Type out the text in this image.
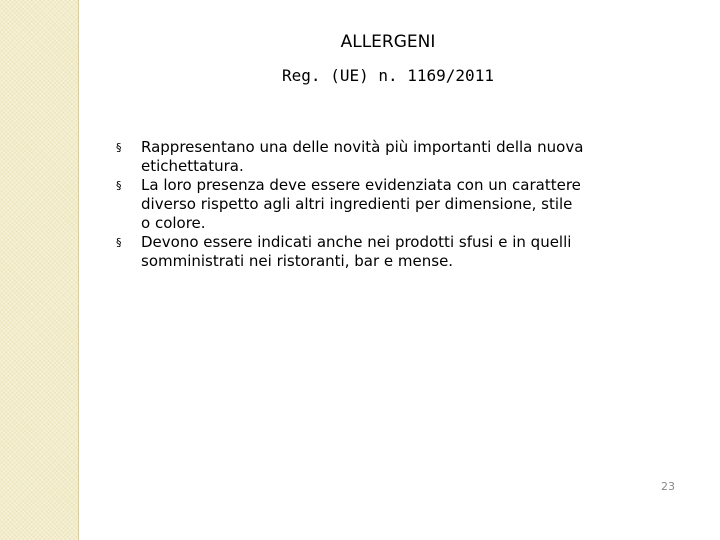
ALLERGENI
Reg. (UE) n. 1169/2011
§ Rappresentano una delle novità più importanti della nuova
etichettatura.
§ La loro presenza deve essere evidenziata con un carattere
diverso rispetto agli altri ingredienti per dimensione, stile
o colore.
§ Devono essere indicati anche nei prodotti sfusi e in quelli
somministrati nei ristoranti, bar e mense.
23
